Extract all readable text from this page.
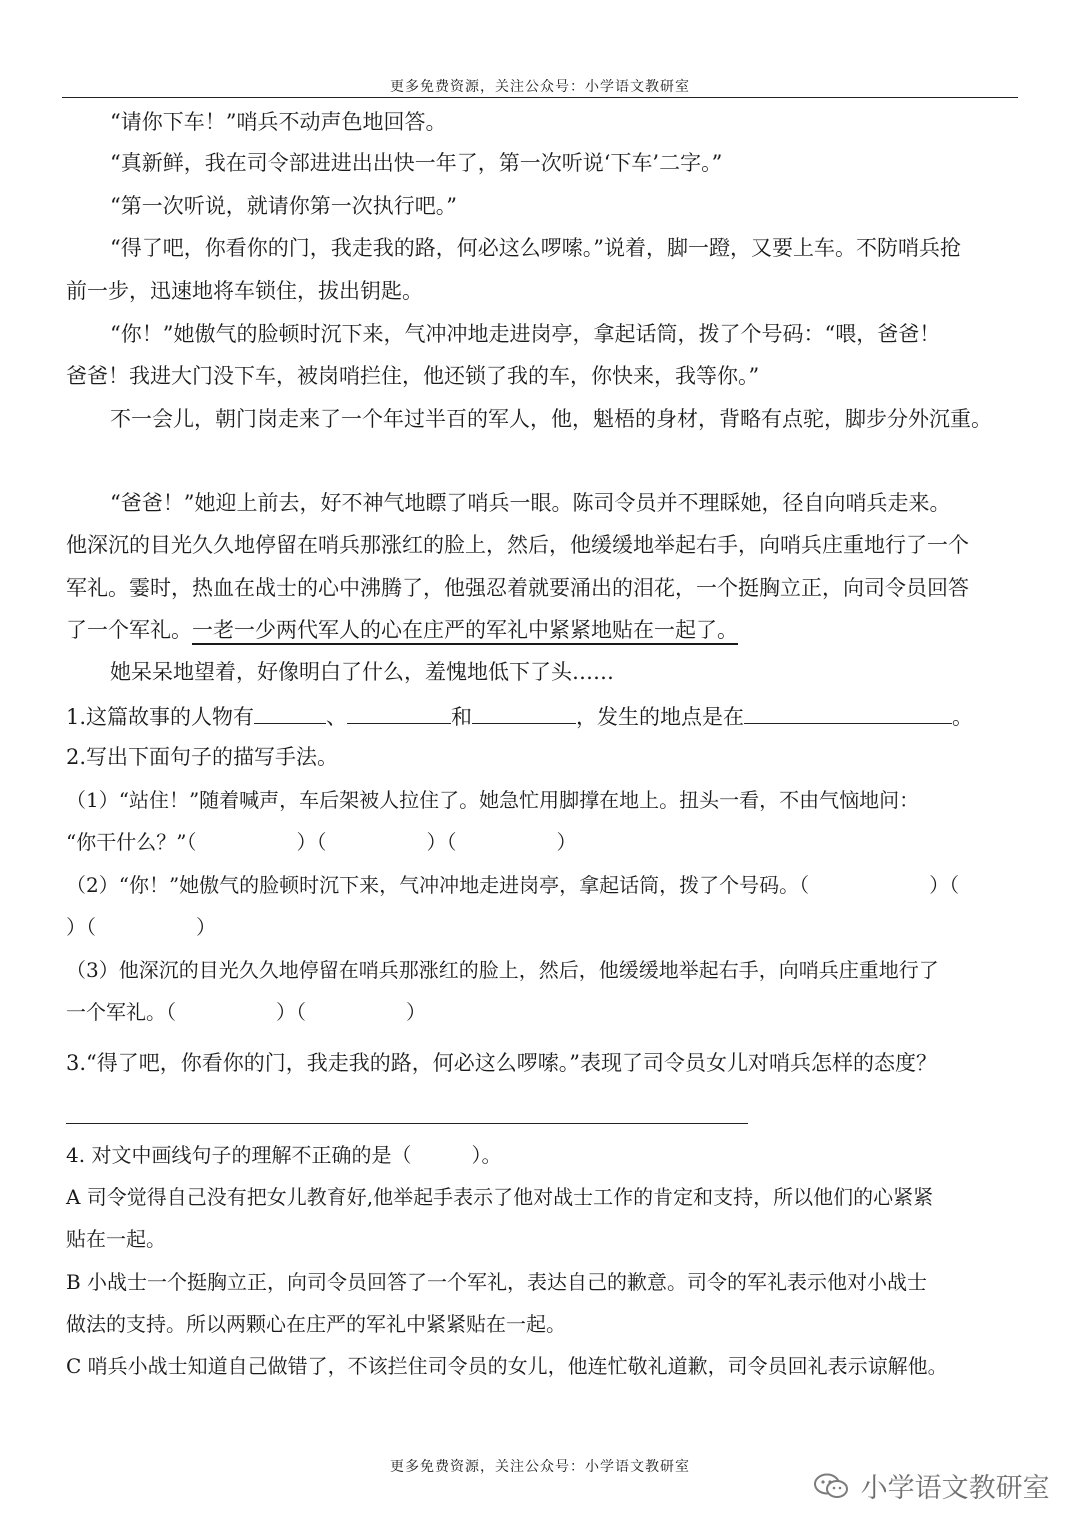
更多免费资源，关注公众号：小学语文教研室
“请你下车！”哨兵不动声色地回答。
“真新鲜，我在司令部进进出出快一年了，第一次听说‘下车’二字。”
“第一次听说，就请你第一次执行吧。”
“得了吧，你看你的门，我走我的路，何必这么啰嗦。”说着，脚一蹬，又要上车。不防哨兵抢
前一步，迅速地将车锁住，拔出钥匙。
“你！”她傲气的脸顿时沉下来，气冲冲地走进岗亭，拿起话筒，拨了个号码：“喂，爸爸！
爸爸！我进大门没下车，被岗哨拦住，他还锁了我的车，你快来，我等你。”
不一会儿，朝门岗走来了一个年过半百的军人，他，魁梧的身材，背略有点驼，脚步分外沉重。
“爸爸！”她迎上前去，好不神气地瞟了哨兵一眼。陈司令员并不理睬她，径自向哨兵走来。
他深沉的目光久久地停留在哨兵那涨红的脸上，然后，他缓缓地举起右手，向哨兵庄重地行了一个
军礼。霎时，热血在战士的心中沸腾了，他强忍着就要涌出的泪花，一个挺胸立正，向司令员回答
了一个军礼。一老一少两代军人的心在庄严的军礼中紧紧地贴在一起了。
她呆呆地望着，好像明白了什么，羞愧地低下了头……
1.这篇故事的人物有	、	和	，发生的地点是在	。
2.写出下面句子的描写手法。
（1）“站住！”随着喊声，车后架被人拉住了。她急忙用脚撑在地上。扭头一看，不由气恼地问：
“你干什么？”（　　　　　）（　　　　　）（　　　　　）
（2）“你！”她傲气的脸顿时沉下来，气冲冲地走进岗亭，拿起话筒，拨了个号码。（　　　　　　）（
）（　　　　　）
（3）他深沉的目光久久地停留在哨兵那涨红的脸上，然后，他缓缓地举起右手，向哨兵庄重地行了
一个军礼。（　　　　　）（　　　　　）
3.“得了吧，你看你的门，我走我的路，何必这么啰嗦。”表现了司令员女儿对哨兵怎样的态度？
4. 对文中画线句子的理解不正确的是（　　　）。
A 司令觉得自己没有把女儿教育好,他举起手表示了他对战士工作的肯定和支持，所以他们的心紧紧
贴在一起。
B 小战士一个挺胸立正，向司令员回答了一个军礼，表达自己的歉意。司令的军礼表示他对小战士
做法的支持。所以两颗心在庄严的军礼中紧紧贴在一起。
C 哨兵小战士知道自己做错了，不该拦住司令员的女儿，他连忙敬礼道歉，司令员回礼表示谅解他。
更多免费资源，关注公众号：小学语文教研室
小学语文教研室
